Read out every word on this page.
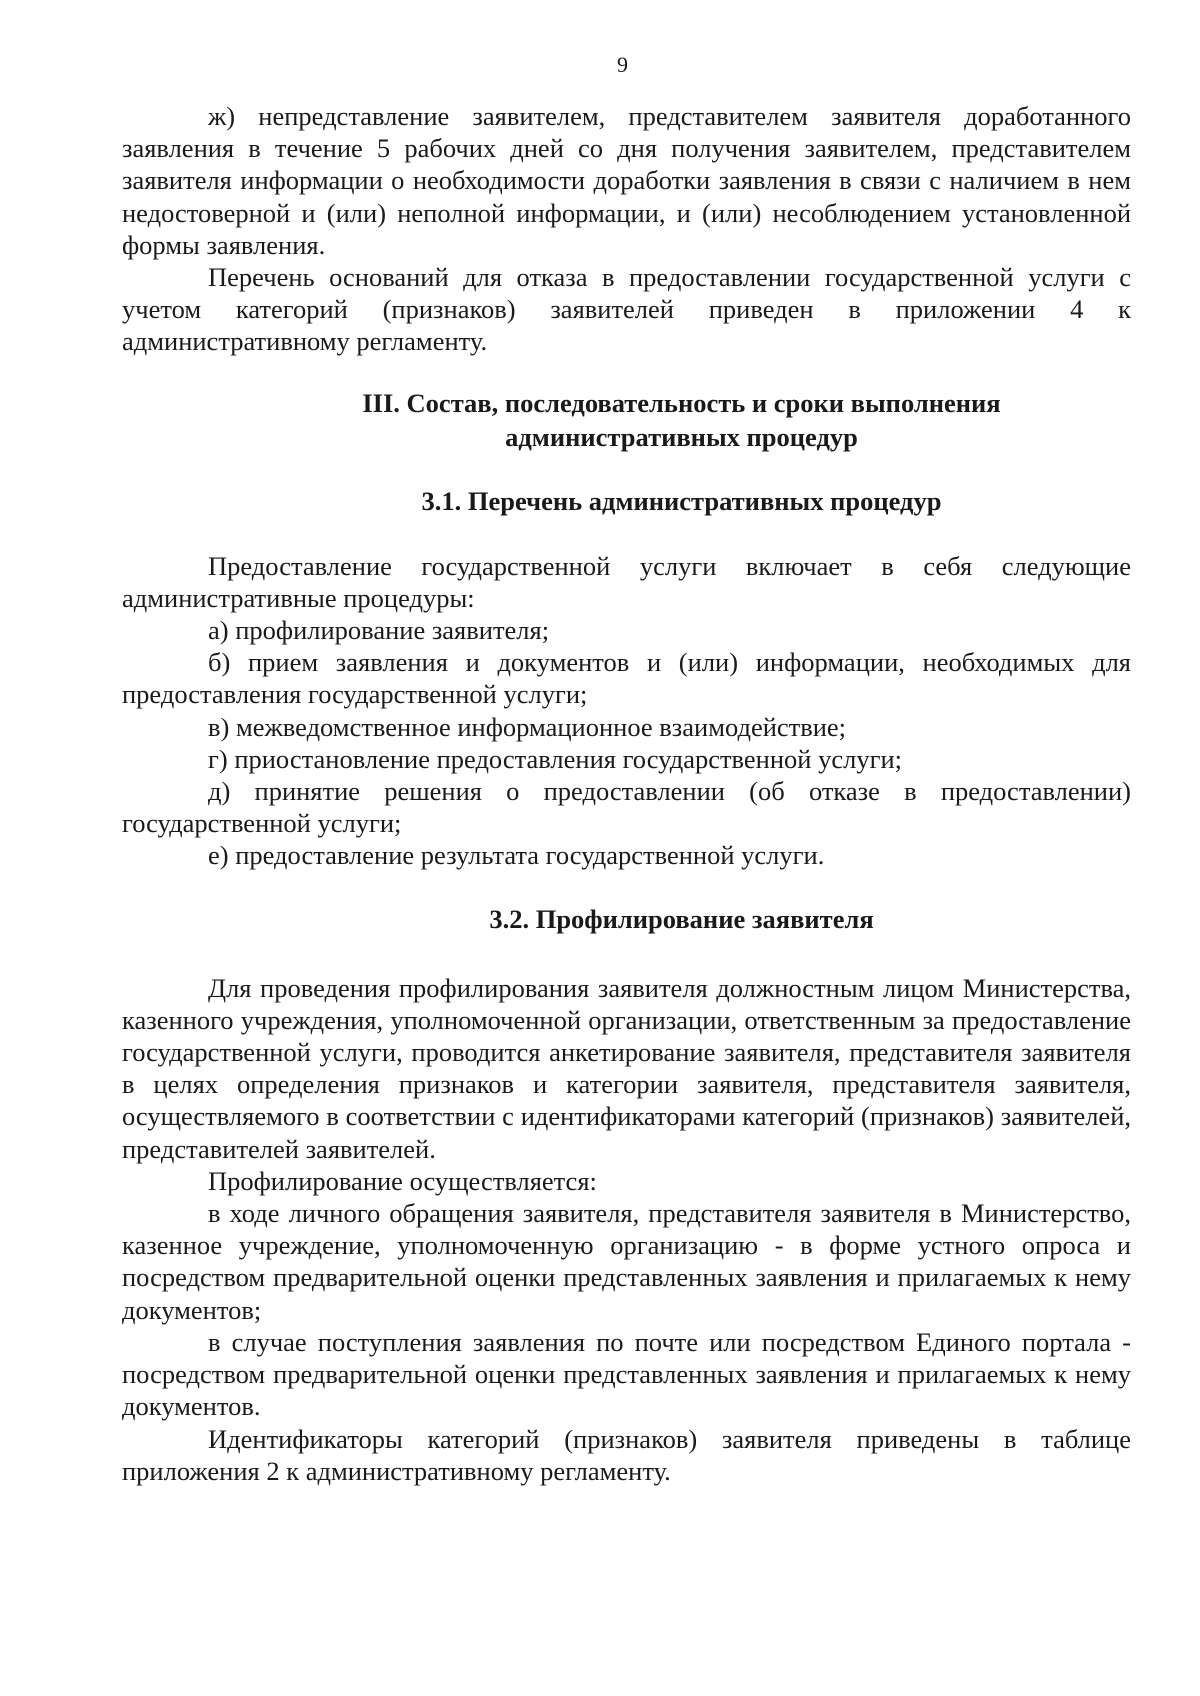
9

ж) непредставление заявителем, представителем заявителя доработанного заявления в течение 5 рабочих дней со дня получения заявителем, представителем заявителя информации о необходимости доработки заявления в связи с наличием в нем недостоверной и (или) неполной информации, и (или) несоблюдением установленной формы заявления.

Перечень оснований для отказа в предоставлении государственной услуги с учетом категорий (признаков) заявителей приведен в приложении 4 к административному регламенту.

III. Состав, последовательность и сроки выполнения
административных процедур
3.1. Перечень административных процедур

Предоставление государственной услуги включает в себя следующие административные процедуры:

а) профилирование заявителя;

б) прием заявления и документов и (или) информации, необходимых для предоставления государственной услуги;

в) межведомственное информационное взаимодействие;

г) приостановление предоставления государственной услуги;

д) принятие решения о предоставлении (об отказе в предоставлении) государственной услуги;

е) предоставление результата государственной услуги.

3.2. Профилирование заявителя

Для проведения профилирования заявителя должностным лицом Министерства, казенного учреждения, уполномоченной организации, ответственным за предоставление государственной услуги, проводится анкетирование заявителя, представителя заявителя в целях определения признаков и категории заявителя, представителя заявителя, осуществляемого в соответствии с идентификаторами категорий (признаков) заявителей, представителей заявителей.

Профилирование осуществляется:

в ходе личного обращения заявителя, представителя заявителя в Министерство, казенное учреждение, уполномоченную организацию - в форме устного опроса и посредством предварительной оценки представленных заявления и прилагаемых к нему документов;

в случае поступления заявления по почте или посредством Единого портала - посредством предварительной оценки представленных заявления и прилагаемых к нему документов.

Идентификаторы категорий (признаков) заявителя приведены в таблице приложения 2 к административному регламенту.
